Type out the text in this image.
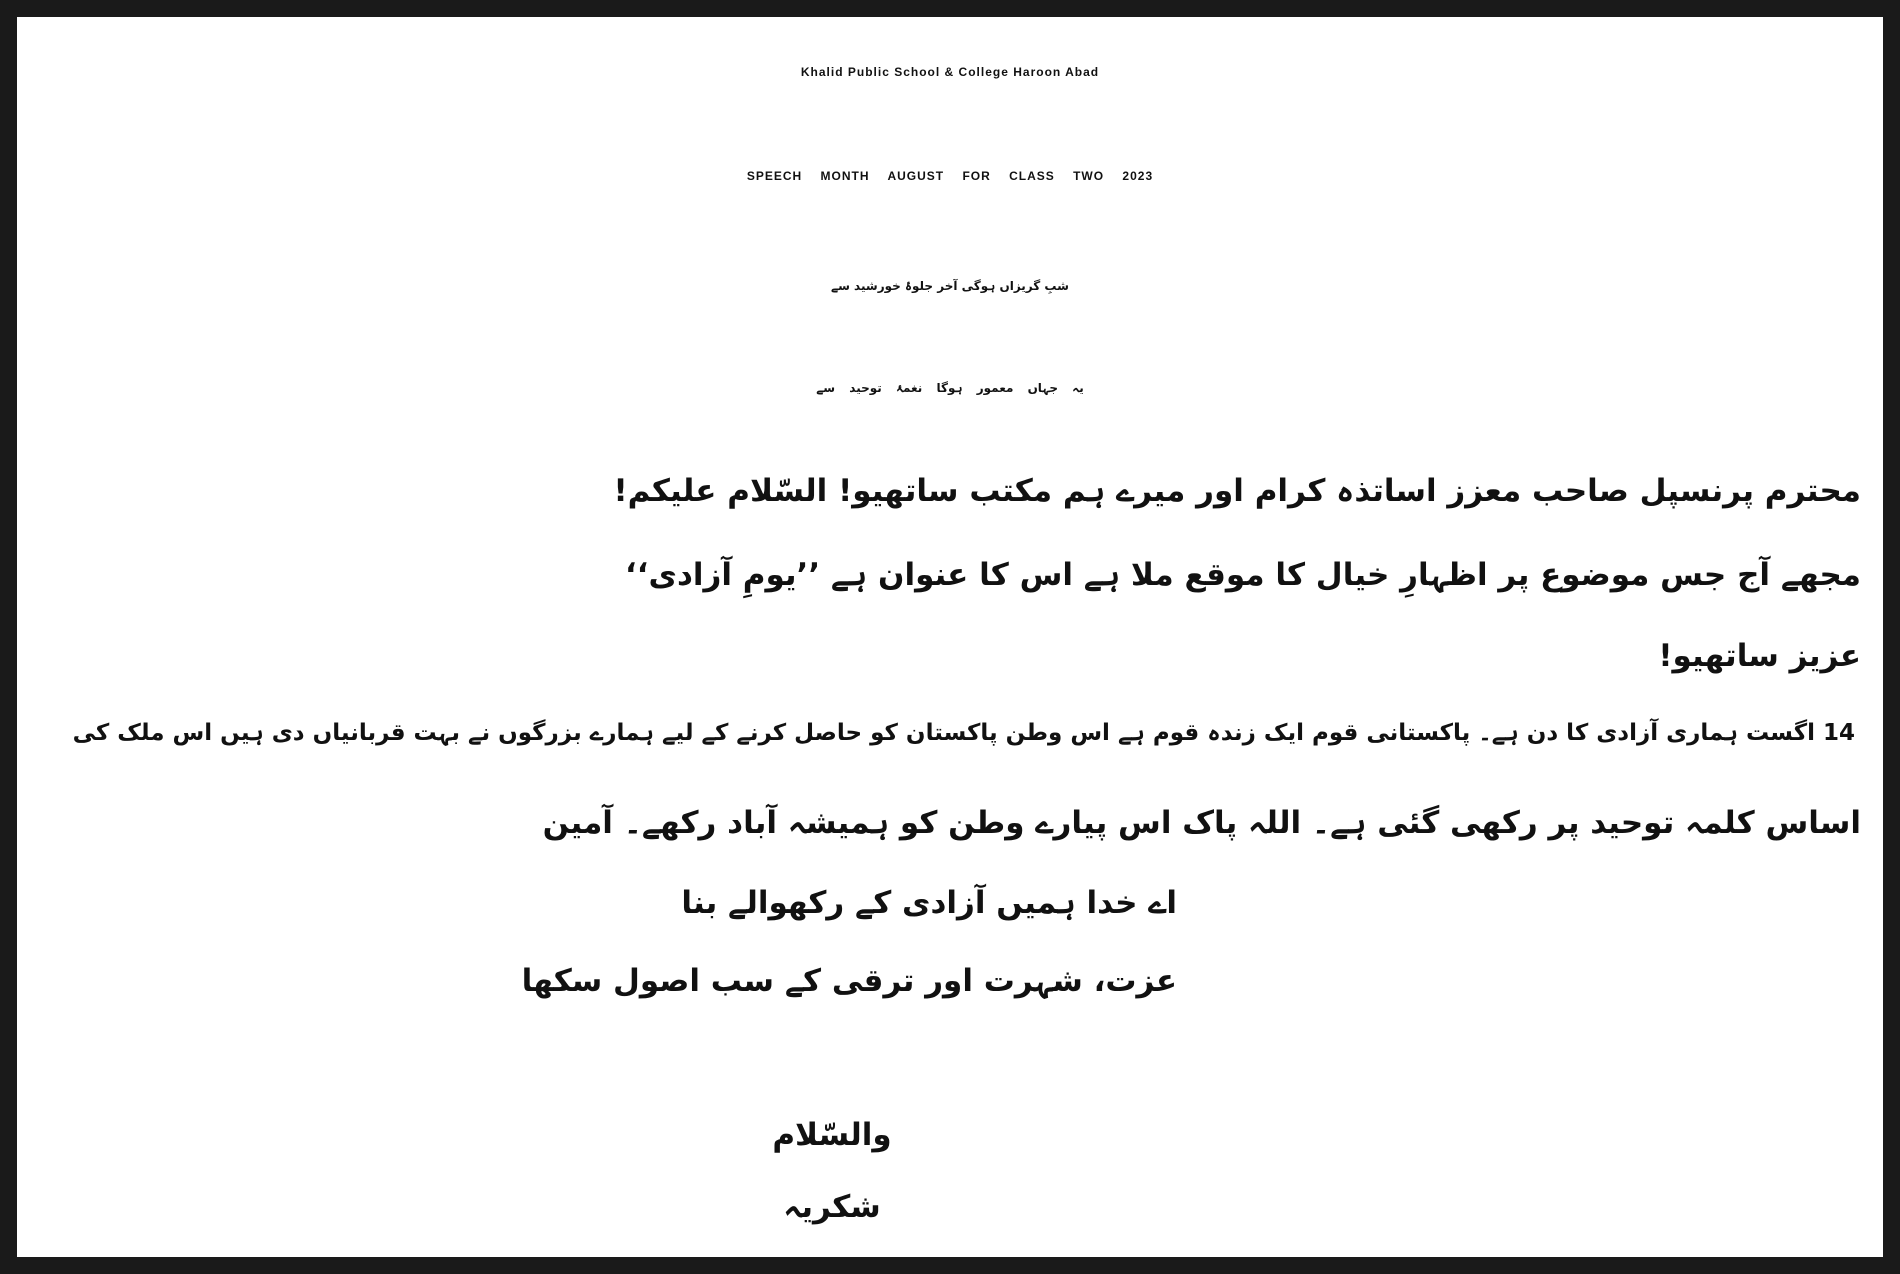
Khalid Public School & College Haroon Abad

SPEECH MONTH AUGUST FOR CLASS TWO 2023

شبِ گریزاں ہوگی آخر جلوۂ خورشید سے

یہ جہاں معمور ہوگا نغمۂ توحید سے

محترم پرنسپل صاحب معزز اساتذہ کرام اور میرے ہم مکتب ساتھیو! السّلام علیکم!

مجھے آج جس موضوع پر اظہارِ خیال کا موقع ملا ہے اس کا عنوان ہے ’’یومِ آزادی‘‘

عزیز ساتھیو!

14 اگست ہماری آزادی کا دن ہے۔ پاکستانی قوم ایک زندہ قوم ہے اس وطن پاکستان کو حاصل کرنے کے لیے ہمارے بزرگوں نے بہت قربانیاں دی ہیں اس ملک کی

اساس کلمہ توحید پر رکھی گئی ہے۔ اللہ پاک اس پیارے وطن کو ہمیشہ آباد رکھے۔ آمین

اے خدا ہمیں آزادی کے رکھوالے بنا

عزت، شہرت اور ترقی کے سب اصول سکھا

والسّلام

شکریہ
